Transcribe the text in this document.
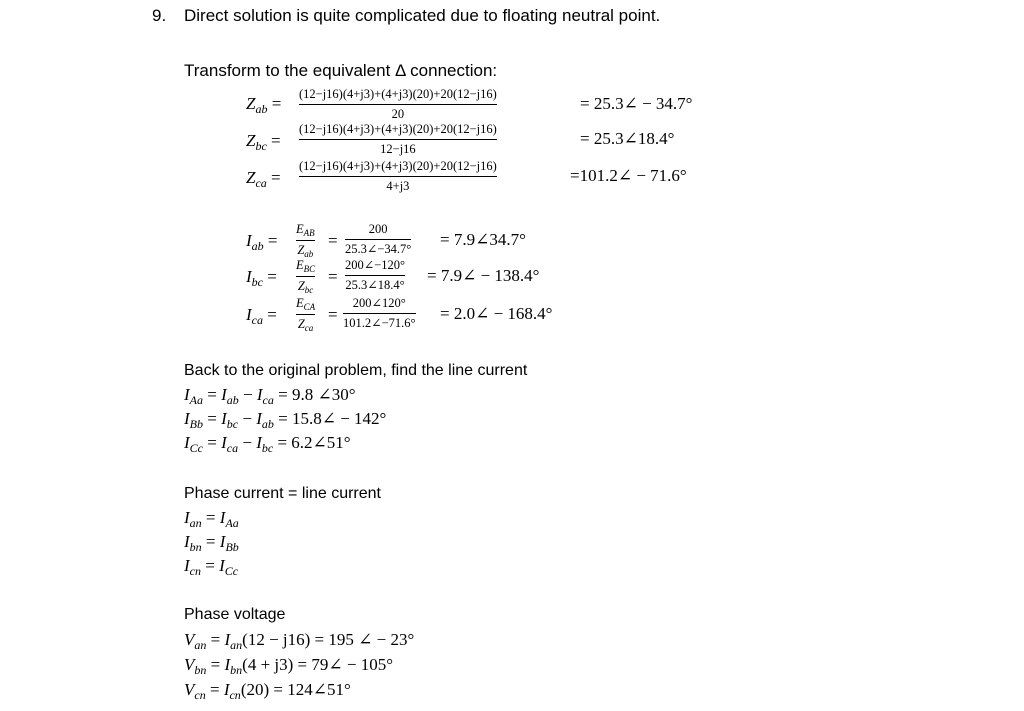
9. Direct solution is quite complicated due to floating neutral point.
Transform to the equivalent Δ connection:
$Z_{ab} = (12-j16)(4+j3)+(4+j3)(20)+20(12-j16)$
20
= 25.3∠ − 34.7°
$Z_{bc}$ =
(12−j16)(4+j3)+(4+j3)(20)+20(12−j16)
12−j16
= 25.3∠18.4°
$Z_{ca}$ =
(12−j16)(4+j3)+(4+j3)(20)+20(12−j16)
4+j3
=101.2∠ − 71.6°
$I_{ab}$ =
$E_{AB}$
$Z_{ab}$
=
200
25.3∠−34.7° = 7.9∠34.7°
$I_{bc}$ =
$E_{BC}$
$Z_{bc}$
=
200∠−120°
25.3∠18.4° = 7.9∠ − 138.4°
$I_{ca}$ =
$E_{CA}$
$Z_{ca}$
=
200∠120°
101.2∠−71.6° = 2.0∠ − 168.4°
Back to the original problem, find the line current
$I_{Aa} = I_{ab} - I_{ca} = 9.8$ ∠30°
$I_{Bb} = I_{bc} - I_{ab}$ = 15.8∠ − 142°
$I_{Cc} = I_{ca} - I_{bc}$ = 6.2∠51°
Phase current = line current
$I_{an} = I_{Aa}$
$I_{bn} = I_{Bb}$
$I_{cn} = I_{Cc}$
Phase voltage
$V_{an} = I_{an}(12 - j16) = 195$ ∠ − 23°
$V_{bn} = I_{bn}(4 + j3)$ = 79∠ − 105°
$V_{cn} = I_{cn}(20)$ = 124∠51°
